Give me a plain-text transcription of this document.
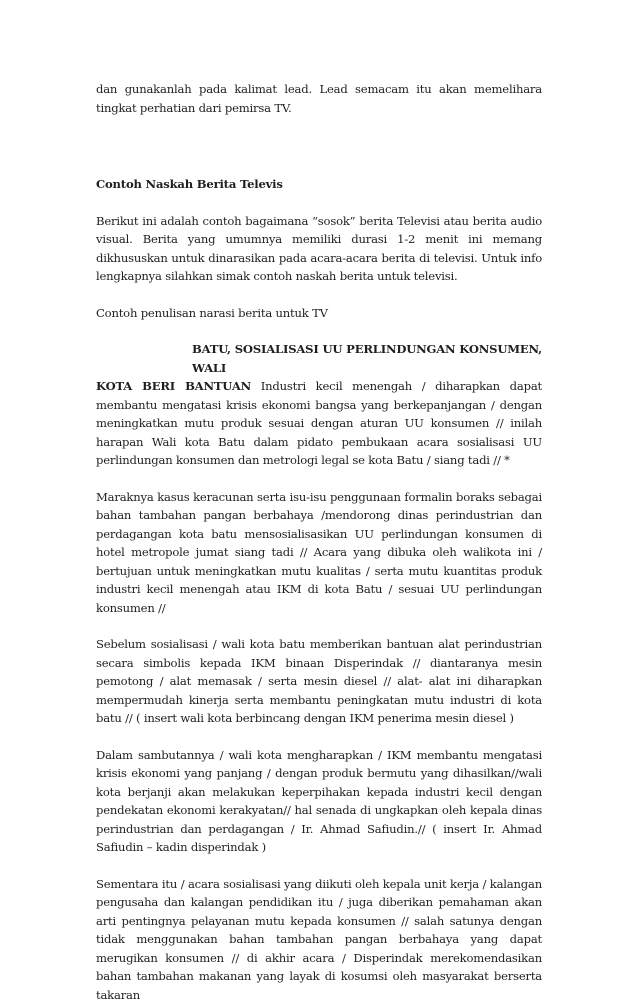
dan gunakanlah pada kalimat lead. Lead semacam itu akan memelihara tingkat perhatian dari pemirsa TV.

Contoh Naskah Berita Televis

Berikut ini adalah contoh bagaimana “sosok” berita Televisi atau berita audio visual. Berita yang umumnya memiliki durasi 1-2 menit ini memang dikhususkan untuk dinarasikan pada acara-acara berita di televisi. Untuk info lengkapnya silahkan simak contoh naskah berita untuk televisi.

Contoh penulisan narasi berita untuk TV

BATU, SOSIALISASI UU PERLINDUNGAN KONSUMEN, WALI

KOTA BERI BANTUAN Industri kecil menengah / diharapkan dapat membantu mengatasi krisis ekonomi bangsa yang berkepanjangan / dengan meningkatkan mutu produk sesuai dengan aturan UU konsumen // inilah harapan Wali kota Batu dalam pidato pembukaan acara sosialisasi UU perlindungan konsumen dan metrologi legal se kota Batu / siang tadi // *

Maraknya kasus keracunan serta isu-isu penggunaan formalin boraks sebagai bahan tambahan pangan berbahaya /mendorong dinas perindustrian dan perdagangan kota batu mensosialisasikan UU perlindungan konsumen di hotel metropole jumat siang tadi // Acara yang dibuka oleh walikota ini / bertujuan untuk meningkatkan mutu kualitas / serta mutu kuantitas produk industri kecil menengah atau IKM di kota Batu / sesuai UU perlindungan konsumen //

Sebelum sosialisasi / wali kota batu memberikan bantuan alat perindustrian secara simbolis kepada IKM binaan Disperindak // diantaranya mesin pemotong / alat memasak / serta mesin diesel // alat- alat ini diharapkan mempermudah kinerja serta membantu peningkatan mutu industri di kota batu // ( insert wali kota berbincang dengan IKM penerima mesin diesel )

Dalam sambutannya / wali kota mengharapkan / IKM membantu mengatasi krisis ekonomi yang panjang / dengan produk bermutu yang dihasilkan//wali kota berjanji akan melakukan keperpihakan kepada industri kecil dengan pendekatan ekonomi kerakyatan// hal senada di ungkapkan oleh kepala dinas perindustrian dan perdagangan / Ir. Ahmad Safiudin.// ( insert Ir. Ahmad Safiudin – kadin disperindak )

Sementara itu / acara sosialisasi yang diikuti oleh kepala unit kerja / kalangan pengusaha dan kalangan pendidikan itu / juga diberikan pemahaman akan arti pentingnya pelayanan mutu kepada konsumen // salah satunya dengan tidak menggunakan bahan tambahan pangan berbahaya yang dapat merugikan konsumen // di akhir acara / Disperindak merekomendasikan bahan tambahan makanan yang layak di kosumsi oleh masyarakat berserta takaran
